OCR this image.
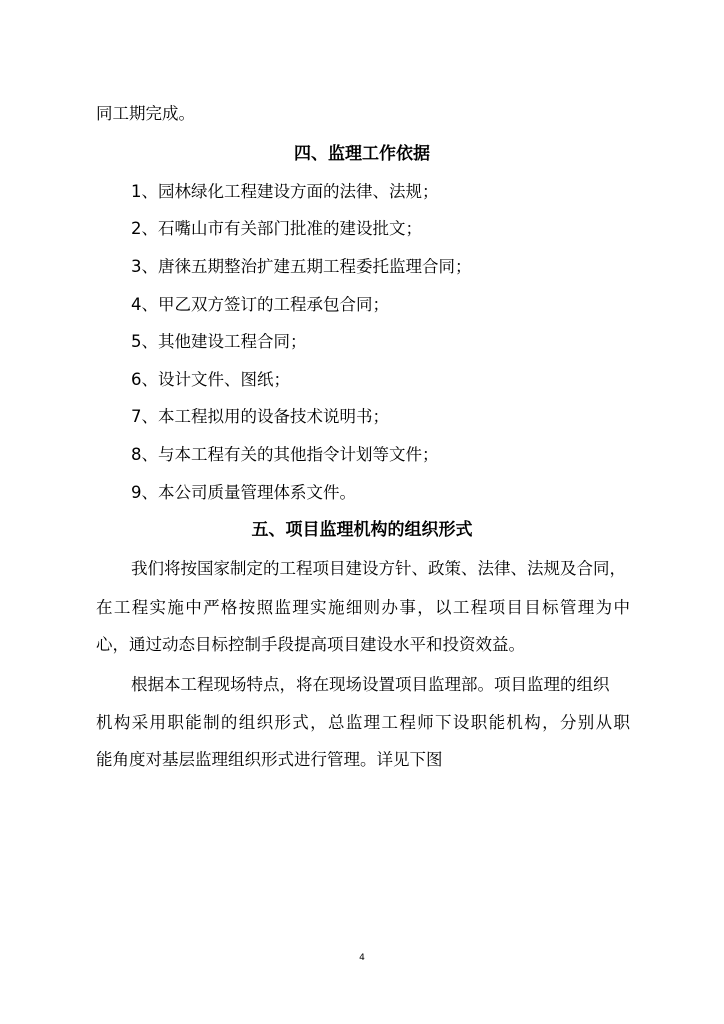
同工期完成。
四、监理工作依据
1、园林绿化工程建设方面的法律、法规；
2、石嘴山市有关部门批准的建设批文；
3、唐徕五期整治扩建五期工程委托监理合同；
4、甲乙双方签订的工程承包合同；
5、其他建设工程合同；
6、设计文件、图纸；
7、本工程拟用的设备技术说明书；
8、与本工程有关的其他指令计划等文件；
9、本公司质量管理体系文件。
五、项目监理机构的组织形式
我们将按国家制定的工程项目建设方针、政策、法律、法规及合同，
在工程实施中严格按照监理实施细则办事，以工程项目目标管理为中
心，通过动态目标控制手段提高项目建设水平和投资效益。
根据本工程现场特点，将在现场设置项目监理部。项目监理的组织
机构采用职能制的组织形式，总监理工程师下设职能机构，分别从职
能角度对基层监理组织形式进行管理。详见下图
4
